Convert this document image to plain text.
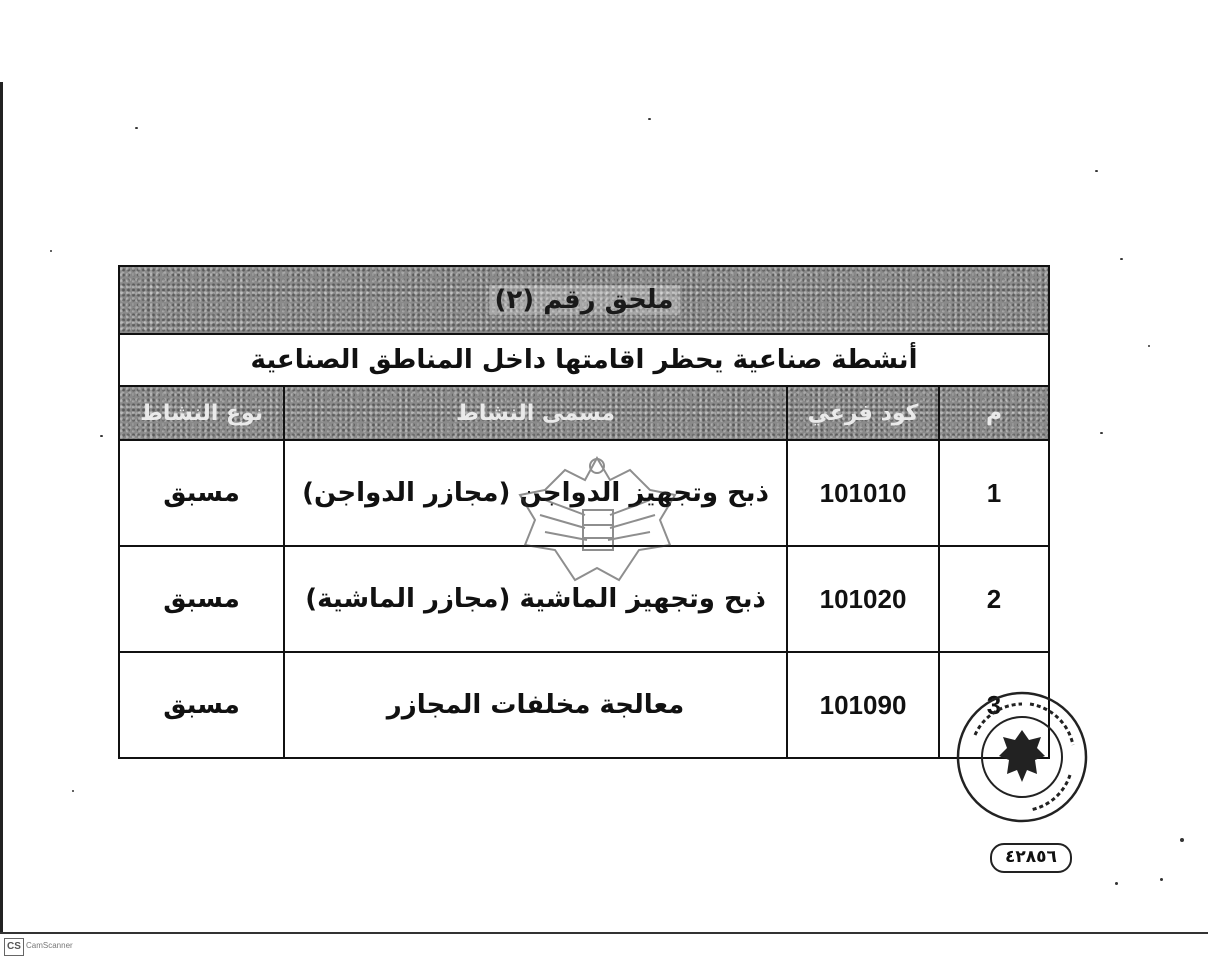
ملحق رقم (٢)			
أنشطة صناعية يحظر اقامتها داخل المناطق الصناعية			
م	كود فرعي	مسمى النشاط	نوع النشاط
1	101010	ذبح وتجهيز الدواجن (مجازر الدواجن)	مسبق
2	101020	ذبح وتجهيز الماشية (مجازر الماشية)	مسبق
3	101090	معالجة مخلفات المجازر	مسبق
٤٢٨٥٦
CS CamScanner
